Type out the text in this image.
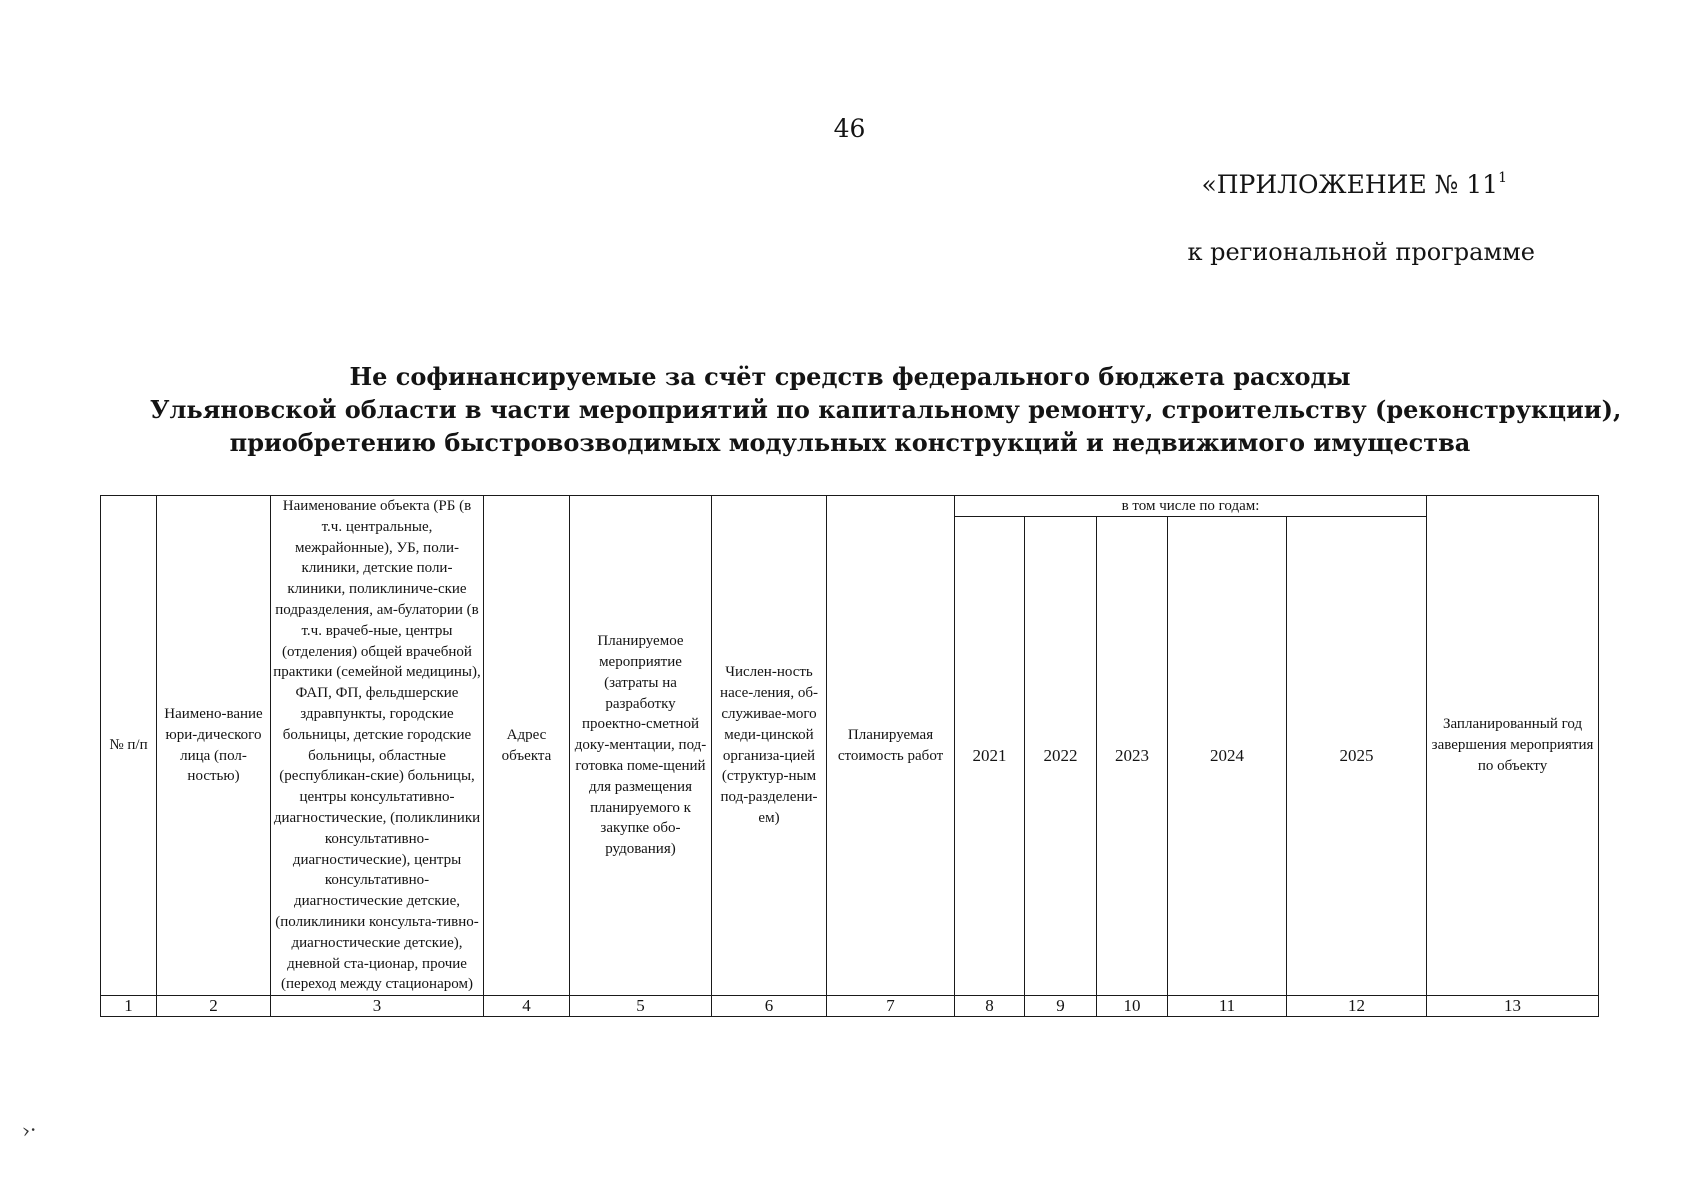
46
«ПРИЛОЖЕНИЕ № $11^1$
к региональной программе
Не софинансируемые за счёт средств федерального бюджета расходы
Ульяновской области в части мероприятий по капитальному ремонту, строительству (реконструкции),
приобретению быстровозводимых модульных конструкций и недвижимого имущества
№ п/п	Наимено-вание юри-дического лица (пол-ностью)	Наименование объекта (РБ (в т.ч. центральные, межрайонные), УБ, поли-клиники, детские поли-клиники, поликлиниче-ские подразделения, ам-булатории (в т.ч. врачеб-ные, центры (отделения) общей врачебной практики (семейной медицины), ФАП, ФП, фельдшерские здравпункты, городские больницы, детские городские больницы, областные (республикан-ские) больницы, центры консультативно-диагностические, (поликлиники консультативно-диагностические), центры консультативно-диагностические детские, (поликлиники консульта-тивно-диагностические детские), дневной ста-ционар, прочие (переход между стационаром)	Адрес объекта	Планируемое мероприятие (затраты на разработку проектно-сметной доку-ментации, под-готовка поме-щений для размещения планируемого к закупке обо-рудования)	Числен-ность насе-ления, об-служивае-мого меди-цинской организа-цией (структур-ным под-разделени-ем)	Планируемая стоимость работ	в том числе по годам:					Запланированный год завершения мероприятия по объекту
							2021	2022	2023	2024	2025	
1	2	3	4	5	6	7	8	9	10	11	12	13
›·
